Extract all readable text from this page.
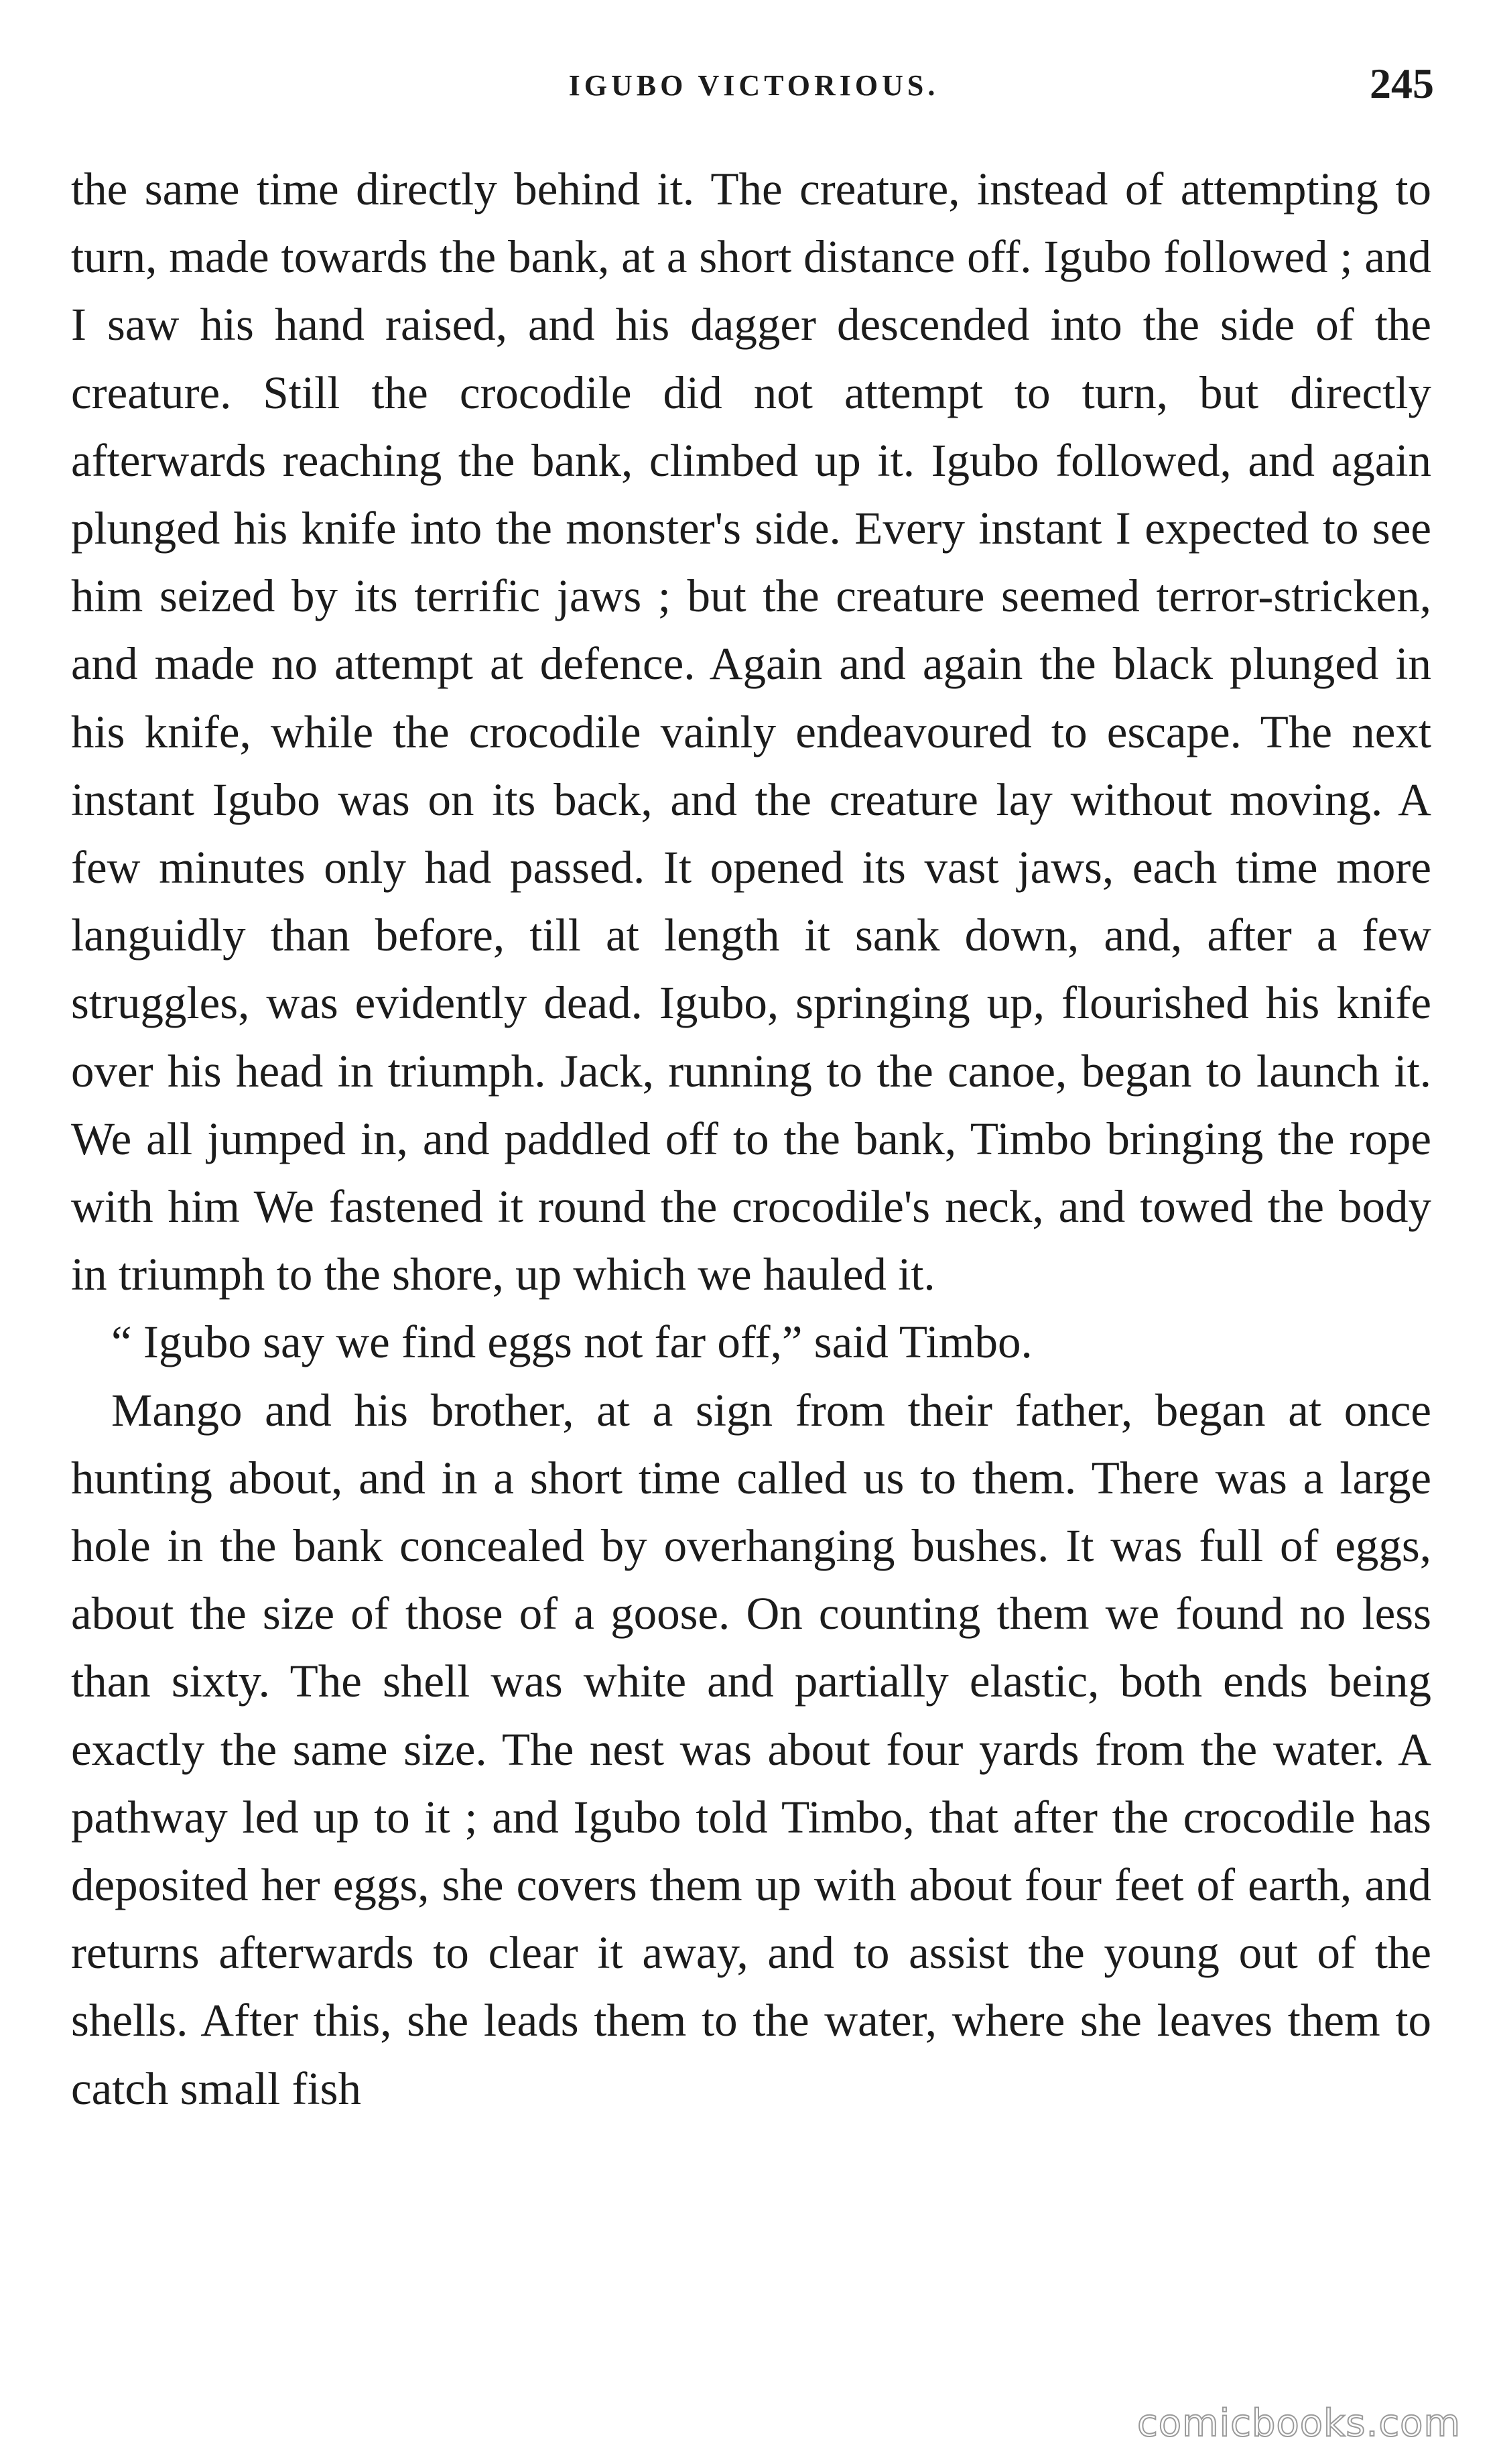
IGUBO VICTORIOUS.	245

the same time directly behind it. The creature, instead of attempting to turn, made towards the bank, at a short distance off. Igubo followed ; and I saw his hand raised, and his dagger descended into the side of the creature. Still the crocodile did not attempt to turn, but directly afterwards reaching the bank, climbed up it. Igubo followed, and again plunged his knife into the monster's side. Every instant I expected to see him seized by its terrific jaws ; but the creature seemed terror-stricken, and made no attempt at defence. Again and again the black plunged in his knife, while the crocodile vainly endeavoured to escape. The next instant Igubo was on its back, and the creature lay without moving. A few minutes only had passed. It opened its vast jaws, each time more languidly than before, till at length it sank down, and, after a few struggles, was evidently dead. Igubo, springing up, flourished his knife over his head in triumph. Jack, running to the canoe, began to launch it. We all jumped in, and paddled off to the bank, Timbo bringing the rope with him We fastened it round the crocodile's neck, and towed the body in triumph to the shore, up which we hauled it.

“ Igubo say we find eggs not far off,” said Timbo.

Mango and his brother, at a sign from their father, began at once hunting about, and in a short time called us to them. There was a large hole in the bank concealed by overhanging bushes. It was full of eggs, about the size of those of a goose. On counting them we found no less than sixty. The shell was white and partially elastic, both ends being exactly the same size. The nest was about four yards from the water. A pathway led up to it ; and Igubo told Timbo, that after the crocodile has deposited her eggs, she covers them up with about four feet of earth, and returns afterwards to clear it away, and to assist the young out of the shells. After this, she leads them to the water, where she leaves them to catch small fish

comicbooks.com
